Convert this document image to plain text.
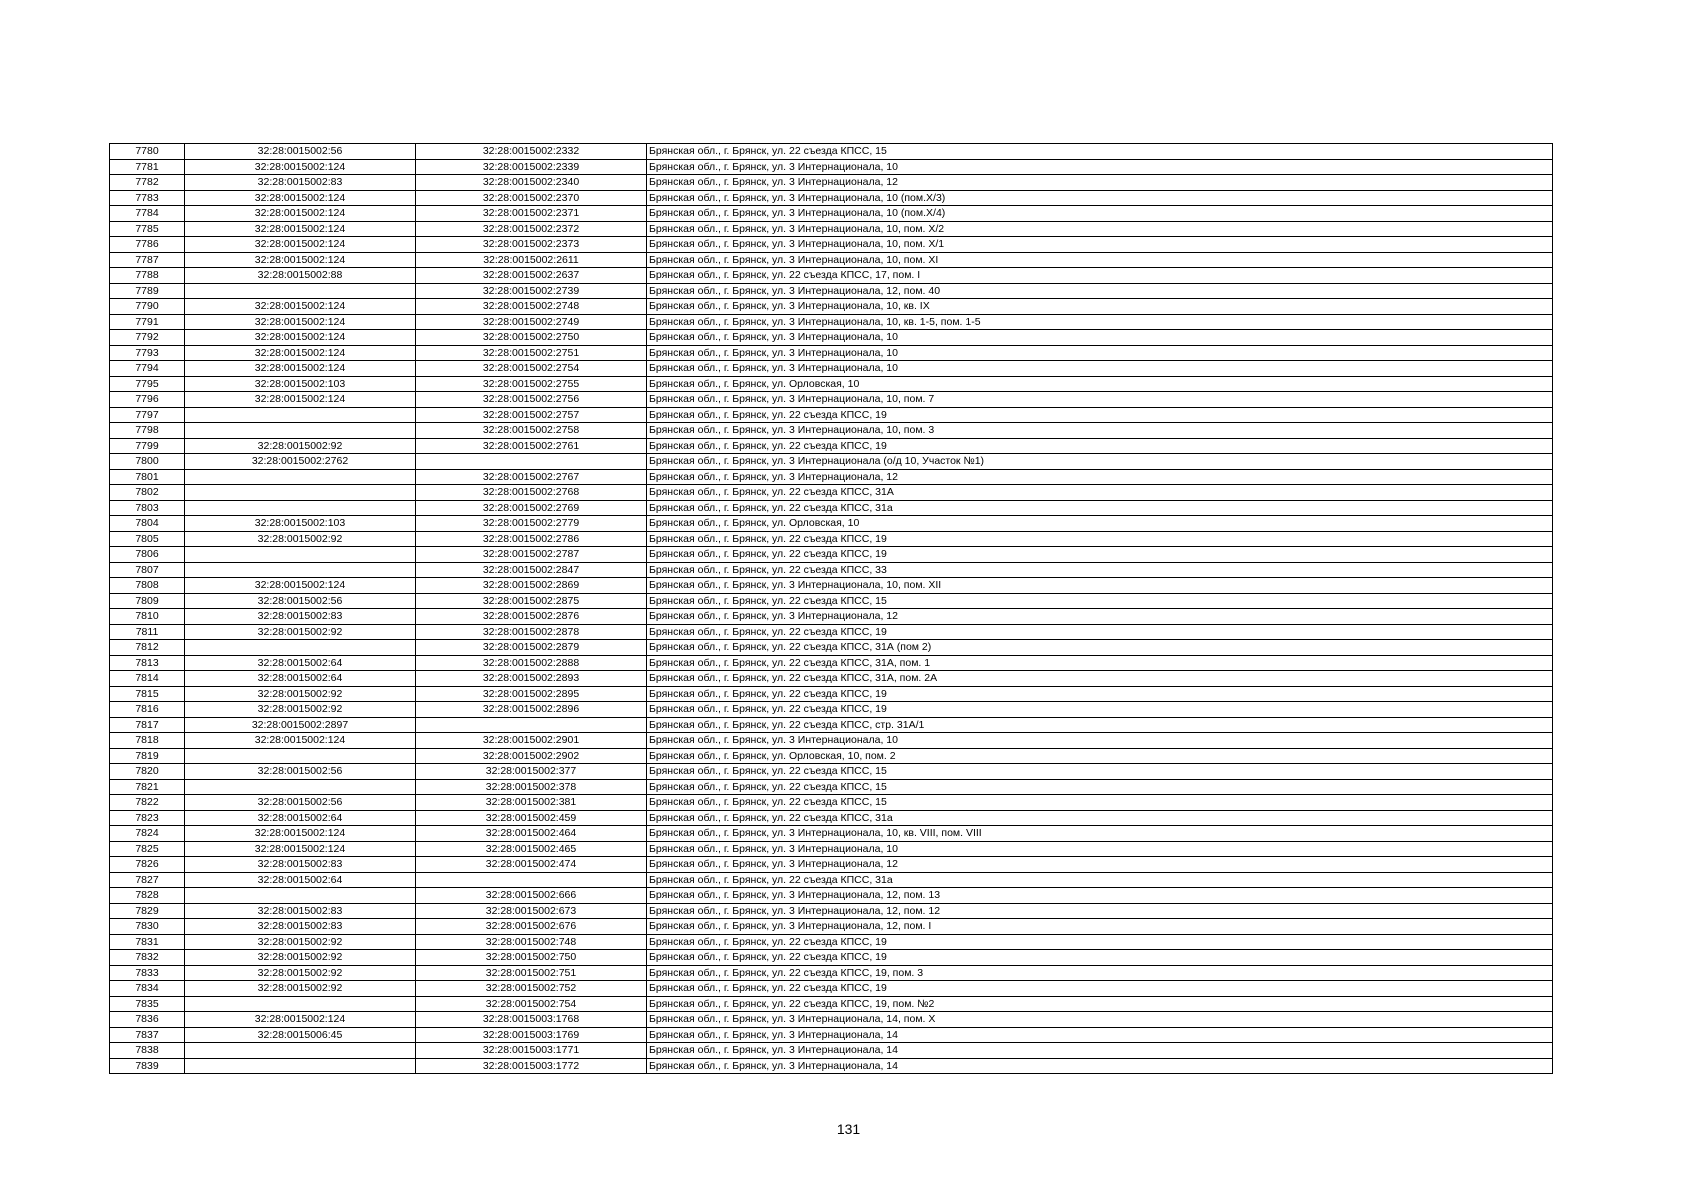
7780	32:28:0015002:56	32:28:0015002:2332	Брянская обл., г. Брянск, ул. 22 съезда КПСС, 15
7781	32:28:0015002:124	32:28:0015002:2339	Брянская обл., г. Брянск, ул. 3 Интернационала, 10
7782	32:28:0015002:83	32:28:0015002:2340	Брянская обл., г. Брянск, ул. 3 Интернационала, 12
7783	32:28:0015002:124	32:28:0015002:2370	Брянская обл., г. Брянск, ул. 3 Интернационала, 10 (пом.X/3)
7784	32:28:0015002:124	32:28:0015002:2371	Брянская обл., г. Брянск, ул. 3 Интернационала, 10 (пом.X/4)
7785	32:28:0015002:124	32:28:0015002:2372	Брянская обл., г. Брянск, ул. 3 Интернационала, 10, пом. X/2
7786	32:28:0015002:124	32:28:0015002:2373	Брянская обл., г. Брянск, ул. 3 Интернационала, 10, пом. X/1
7787	32:28:0015002:124	32:28:0015002:2611	Брянская обл., г. Брянск, ул. 3 Интернационала, 10, пом. XI
7788	32:28:0015002:88	32:28:0015002:2637	Брянская обл., г. Брянск, ул. 22 съезда КПСС, 17, пом. I
7789		32:28:0015002:2739	Брянская обл., г. Брянск, ул. 3 Интернационала, 12, пом. 40
7790	32:28:0015002:124	32:28:0015002:2748	Брянская обл., г. Брянск, ул. 3 Интернационала, 10, кв. IX
7791	32:28:0015002:124	32:28:0015002:2749	Брянская обл., г. Брянск, ул. 3 Интернационала, 10, кв. 1-5, пом. 1-5
7792	32:28:0015002:124	32:28:0015002:2750	Брянская обл., г. Брянск, ул. 3 Интернационала, 10
7793	32:28:0015002:124	32:28:0015002:2751	Брянская обл., г. Брянск, ул. 3 Интернационала, 10
7794	32:28:0015002:124	32:28:0015002:2754	Брянская обл., г. Брянск, ул. 3 Интернационала, 10
7795	32:28:0015002:103	32:28:0015002:2755	Брянская обл., г. Брянск, ул. Орловская, 10
7796	32:28:0015002:124	32:28:0015002:2756	Брянская обл., г. Брянск, ул. 3 Интернационала, 10, пом. 7
7797		32:28:0015002:2757	Брянская обл., г. Брянск, ул. 22 съезда КПСС, 19
7798		32:28:0015002:2758	Брянская обл., г. Брянск, ул. 3 Интернационала, 10, пом. 3
7799	32:28:0015002:92	32:28:0015002:2761	Брянская обл., г. Брянск, ул. 22 съезда КПСС, 19
7800	32:28:0015002:2762		Брянская обл., г. Брянск, ул. 3 Интернационала (о/д 10, Участок №1)
7801		32:28:0015002:2767	Брянская обл., г. Брянск, ул. 3 Интернационала, 12
7802		32:28:0015002:2768	Брянская обл., г. Брянск, ул. 22 съезда КПСС, 31А
7803		32:28:0015002:2769	Брянская обл., г. Брянск, ул. 22 съезда КПСС, 31а
7804	32:28:0015002:103	32:28:0015002:2779	Брянская обл., г. Брянск, ул. Орловская, 10
7805	32:28:0015002:92	32:28:0015002:2786	Брянская обл., г. Брянск, ул. 22 съезда КПСС, 19
7806		32:28:0015002:2787	Брянская обл., г. Брянск, ул. 22 съезда КПСС, 19
7807		32:28:0015002:2847	Брянская обл., г. Брянск, ул. 22 съезда КПСС, 33
7808	32:28:0015002:124	32:28:0015002:2869	Брянская обл., г. Брянск, ул. 3 Интернационала, 10, пом. XII
7809	32:28:0015002:56	32:28:0015002:2875	Брянская обл., г. Брянск, ул. 22 съезда КПСС, 15
7810	32:28:0015002:83	32:28:0015002:2876	Брянская обл., г. Брянск, ул. 3 Интернационала, 12
7811	32:28:0015002:92	32:28:0015002:2878	Брянская обл., г. Брянск, ул. 22 съезда КПСС, 19
7812		32:28:0015002:2879	Брянская обл., г. Брянск, ул. 22 съезда КПСС, 31А (пом 2)
7813	32:28:0015002:64	32:28:0015002:2888	Брянская обл., г. Брянск, ул. 22 съезда КПСС, 31А, пом. 1
7814	32:28:0015002:64	32:28:0015002:2893	Брянская обл., г. Брянск, ул. 22 съезда КПСС, 31А, пом. 2А
7815	32:28:0015002:92	32:28:0015002:2895	Брянская обл., г. Брянск, ул. 22 съезда КПСС, 19
7816	32:28:0015002:92	32:28:0015002:2896	Брянская обл., г. Брянск, ул. 22 съезда КПСС, 19
7817	32:28:0015002:2897		Брянская обл., г. Брянск, ул. 22 съезда КПСС, стр. 31А/1
7818	32:28:0015002:124	32:28:0015002:2901	Брянская обл., г. Брянск, ул. 3 Интернационала, 10
7819		32:28:0015002:2902	Брянская обл., г. Брянск, ул. Орловская, 10, пом. 2
7820	32:28:0015002:56	32:28:0015002:377	Брянская обл., г. Брянск, ул. 22 съезда КПСС, 15
7821		32:28:0015002:378	Брянская обл., г. Брянск, ул. 22 съезда КПСС, 15
7822	32:28:0015002:56	32:28:0015002:381	Брянская обл., г. Брянск, ул. 22 съезда КПСС, 15
7823	32:28:0015002:64	32:28:0015002:459	Брянская обл., г. Брянск, ул. 22 съезда КПСС, 31а
7824	32:28:0015002:124	32:28:0015002:464	Брянская обл., г. Брянск, ул. 3 Интернационала, 10, кв. VIII, пом. VIII
7825	32:28:0015002:124	32:28:0015002:465	Брянская обл., г. Брянск, ул. 3 Интернационала, 10
7826	32:28:0015002:83	32:28:0015002:474	Брянская обл., г. Брянск, ул. 3 Интернационала, 12
7827	32:28:0015002:64		Брянская обл., г. Брянск, ул. 22 съезда КПСС, 31а
7828		32:28:0015002:666	Брянская обл., г. Брянск, ул. 3 Интернационала, 12, пом. 13
7829	32:28:0015002:83	32:28:0015002:673	Брянская обл., г. Брянск, ул. 3 Интернационала, 12, пом. 12
7830	32:28:0015002:83	32:28:0015002:676	Брянская обл., г. Брянск, ул. 3 Интернационала, 12, пом. I
7831	32:28:0015002:92	32:28:0015002:748	Брянская обл., г. Брянск, ул. 22 съезда КПСС, 19
7832	32:28:0015002:92	32:28:0015002:750	Брянская обл., г. Брянск, ул. 22 съезда КПСС, 19
7833	32:28:0015002:92	32:28:0015002:751	Брянская обл., г. Брянск, ул. 22 съезда КПСС, 19, пом. 3
7834	32:28:0015002:92	32:28:0015002:752	Брянская обл., г. Брянск, ул. 22 съезда КПСС, 19
7835		32:28:0015002:754	Брянская обл., г. Брянск, ул. 22 съезда КПСС, 19, пом. №2
7836	32:28:0015002:124	32:28:0015003:1768	Брянская обл., г. Брянск, ул. 3 Интернационала, 14, пом. X
7837	32:28:0015006:45	32:28:0015003:1769	Брянская обл., г. Брянск, ул. 3 Интернационала, 14
7838		32:28:0015003:1771	Брянская обл., г. Брянск, ул. 3 Интернационала, 14
7839		32:28:0015003:1772	Брянская обл., г. Брянск, ул. 3 Интернационала, 14
131
